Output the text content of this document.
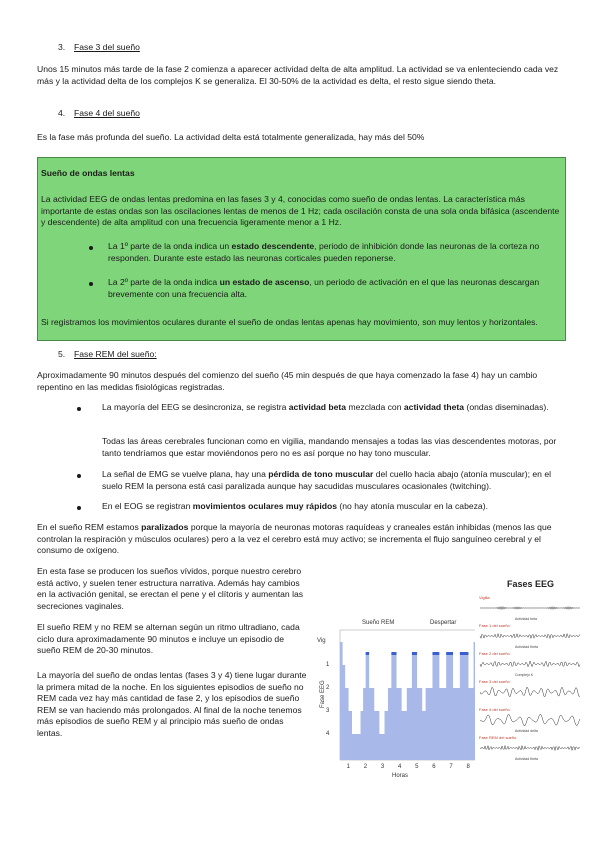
3. Fase 3 del sueño

Unos 15 minutos más tarde de la fase 2 comienza a aparecer actividad delta de alta amplitud. La actividad se va enlenteciendo cada vez más y la actividad delta de los complejos K se generaliza. El 30-50% de la actividad es delta, el resto sigue siendo theta.

4. Fase 4 del sueño

Es la fase más profunda del sueño. La actividad delta está totalmente generalizada, hay más del 50%

Sueño de ondas lentas

La actividad EEG de ondas lentas predomina en las fases 3 y 4, conocidas como sueño de ondas lentas. La característica más importante de estas ondas son las oscilaciones lentas de menos de 1 Hz; cada oscilación consta de una sola onda bifásica (ascendente y descendente) de alta amplitud con una frecuencia ligeramente menor a 1 Hz.

La 1º parte de la onda indica un estado descendente, periodo de inhibición donde las neuronas de la corteza no responden. Durante este estado las neuronas corticales pueden reponerse.

La 2º parte de la onda indica un estado de ascenso, un periodo de activación en el que las neuronas descargan brevemente con una frecuencia alta.

Si registramos los movimientos oculares durante el sueño de ondas lentas apenas hay movimiento, son muy lentos y horizontales.

5. Fase REM del sueño:

Aproximadamente 90 minutos después del comienzo del sueño (45 min después de que haya comenzado la fase 4) hay un cambio repentino en las medidas fisiológicas registradas.

La mayoría del EEG se desincroniza, se registra actividad beta mezclada con actividad theta (ondas diseminadas).

Todas las áreas cerebrales funcionan como en vigilia, mandando mensajes a todas las vias descendentes motoras, por tanto tendríamos que estar moviéndonos pero no es así porque no hay tono muscular.

La señal de EMG se vuelve plana, hay una pérdida de tono muscular del cuello hacia abajo (atonía muscular); en el suelo REM la persona está casi paralizada aunque hay sacudidas musculares ocasionales (twitching).

En el EOG se registran movimientos oculares muy rápidos (no hay atonía muscular en la cabeza).

En el sueño REM estamos paralizados porque la mayoría de neuronas motoras raquídeas y craneales están inhibidas (menos las que controlan la respiración y músculos oculares) pero a la vez el cerebro está muy activo; se incrementa el flujo sanguíneo cerebral y el consumo de oxígeno.

En esta fase se producen los sueños vívidos, porque nuestro cerebro está activo, y suelen tener estructura narrativa. Además hay cambios en la activación genital, se erectan el pene y el clítoris y aumentan las secreciones vaginales.

El sueño REM y no REM se alternan según un ritmo ultradiano, cada ciclo dura aproximadamente 90 minutos e incluye un episodio de sueño REM de 20-30 minutos.

La mayoría del sueño de ondas lentas (fases 3 y 4) tiene lugar durante la primera mitad de la noche. En los siguientes episodios de sueño no REM cada vez hay más cantidad de fase 2, y los episodios de sueño REM se van haciendo más prolongados. Al final de la noche tenemos más episodios de sueño REM y al principio más sueño de ondas lentas.

Vig
1
2
3
4
Fase EEG
Horas
Sueño REM	Despertar
1 2 3 4 5 6 7 8
Fases EEG
Vigilia
Actividad beta
Fase 1 del sueño
Actividad theta
Fase 2 del sueño
Complejo K
Fase 3 del sueño
Fase 4 del sueño
Actividad delta
Fase REM del sueño
Actividad theta
